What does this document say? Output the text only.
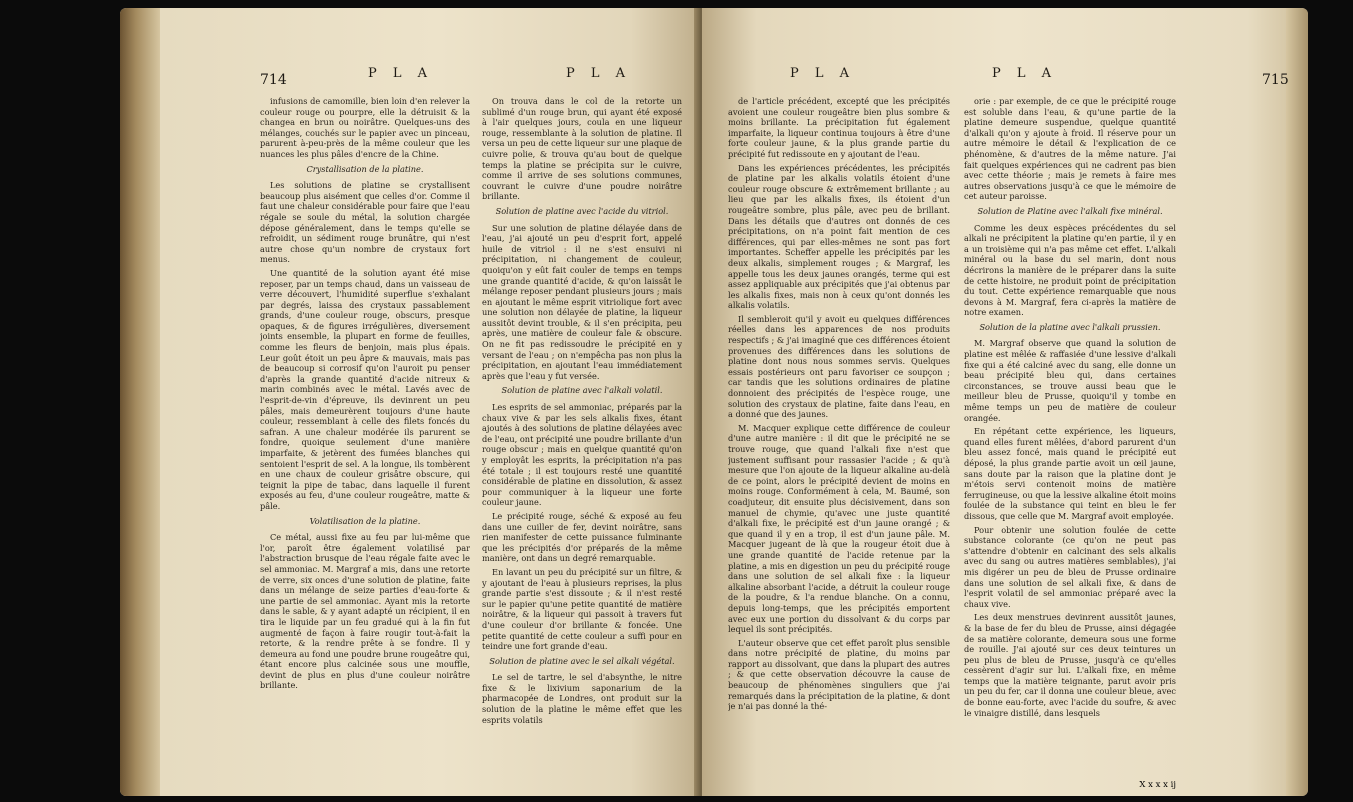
714	P L A	P L A

infusions de camomille, bien loin d'en relever la couleur rouge ou pourpre, elle la détruisit & la changea en brun ou noirâtre. Quelques-uns des mélanges, couchés sur le papier avec un pinceau, parurent à-peu-près de la même couleur que les nuances les plus pâles d'encre de la Chine.

Crystallisation de la platine.

Les solutions de platine se crystallisent beaucoup plus aisément que celles d'or. Comme il faut une chaleur considérable pour faire que l'eau régale se soule du métal, la solution chargée dépose généralement, dans le temps qu'elle se refroidit, un sédiment rouge brunâtre, qui n'est autre chose qu'un nombre de crystaux fort menus.

Une quantité de la solution ayant été mise reposer, par un temps chaud, dans un vaisseau de verre découvert, l'humidité superflue s'exhalant par degrés, laissa des crystaux passablement grands, d'une couleur rouge, obscurs, presque opaques, & de figures irrégulières, diversement joints ensemble, la plupart en forme de feuilles, comme les fleurs de benjoin, mais plus épais. Leur goût étoit un peu âpre & mauvais, mais pas de beaucoup si corrosif qu'on l'auroit pu penser d'après la grande quantité d'acide nitreux & marin combinés avec le métal. Lavés avec de l'esprit-de-vin d'épreuve, ils devinrent un peu pâles, mais demeurèrent toujours d'une haute couleur, ressemblant à celle des filets foncés du safran. A une chaleur modérée ils parurent se fondre, quoique seulement d'une manière imparfaite, & jetèrent des fumées blanches qui sentoient l'esprit de sel. A la longue, ils tombèrent en une chaux de couleur grisâtre obscure, qui teignit la pipe de tabac, dans laquelle il furent exposés au feu, d'une couleur rougeâtre, matte & pâle.

Volatilisation de la platine.

Ce métal, aussi fixe au feu par lui-même que l'or, paroît être également volatilisé par l'abstraction brusque de l'eau régale faite avec le sel ammoniac. M. Margraf a mis, dans une retorte de verre, six onces d'une solution de platine, faite dans un mélange de seize parties d'eau-forte & une partie de sel ammoniac. Ayant mis la retorte dans le sable, & y ayant adapté un récipient, il en tira le liquide par un feu gradué qui à la fin fut augmenté de façon à faire rougir tout-à-fait la retorte, & la rendre prête à se fondre. Il y demeura au fond une poudre brune rougeâtre qui, étant encore plus calcinée sous une mouffle, devint de plus en plus d'une couleur noirâtre brillante.

On trouva dans le col de la retorte un sublimé d'un rouge brun, qui ayant été exposé à l'air quelques jours, coula en une liqueur rouge, ressemblante à la solution de platine. Il versa un peu de cette liqueur sur une plaque de cuivre polie, & trouva qu'au bout de quelque temps la platine se précipita sur le cuivre, comme il arrive de ses solutions communes, couvrant le cuivre d'une poudre noirâtre brillante.

Solution de platine avec l'acide du vitriol.

Sur une solution de platine délayée dans de l'eau, j'ai ajouté un peu d'esprit fort, appelé huile de vitriol : il ne s'est ensuivi ni précipitation, ni changement de couleur, quoiqu'on y eût fait couler de temps en temps une grande quantité d'acide, & qu'on laissât le mélange reposer pendant plusieurs jours ; mais en ajoutant le même esprit vitriolique fort avec une solution non délayée de platine, la liqueur aussitôt devint trouble, & il s'en précipita, peu après, une matière de couleur fale & obscure. On ne fit pas redissoudre le précipité en y versant de l'eau ; on n'empêcha pas non plus la précipitation, en ajoutant l'eau immédiatement après que l'eau y fut versée.

Solution de platine avec l'alkali volatil.

Les esprits de sel ammoniac, préparés par la chaux vive & par les sels alkalis fixes, étant ajoutés à des solutions de platine délayées avec de l'eau, ont précipité une poudre brillante d'un rouge obscur ; mais en quelque quantité qu'on y employât les esprits, la précipitation n'a pas été totale ; il est toujours resté une quantité considérable de platine en dissolution, & assez pour communiquer à la liqueur une forte couleur jaune.

Le précipité rouge, séché & exposé au feu dans une cuiller de fer, devint noirâtre, sans rien manifester de cette puissance fulminante que les précipités d'or préparés de la même manière, ont dans un degré remarquable.

En lavant un peu du précipité sur un filtre, & y ajoutant de l'eau à plusieurs reprises, la plus grande partie s'est dissoute ; & il n'est resté sur le papier qu'une petite quantité de matière noirâtre, & la liqueur qui passoit à travers fut d'une couleur d'or brillante & foncée. Une petite quantité de cette couleur a suffi pour en teindre une fort grande d'eau.

Solution de platine avec le sel alkali végétal.

Le sel de tartre, le sel d'absynthe, le nitre fixe & le lixivium saponarium de la pharmacopée de Londres, ont produit sur la solution de la platine le même effet que les esprits volatils

P L A	P L A	715

de l'article précédent, excepté que les précipités avoient une couleur rougeâtre bien plus sombre & moins brillante. La précipitation fut également imparfaite, la liqueur continua toujours à être d'une forte couleur jaune, & la plus grande partie du précipité fut redissoute en y ajoutant de l'eau.

Dans les expériences précédentes, les précipités de platine par les alkalis volatils étoient d'une couleur rouge obscure & extrêmement brillante ; au lieu que par les alkalis fixes, ils étoient d'un rougeâtre sombre, plus pâle, avec peu de brillant. Dans les détails que d'autres ont donnés de ces précipitations, on n'a point fait mention de ces différences, qui par elles-mêmes ne sont pas fort importantes. Scheffer appelle les précipités par les deux alkalis, simplement rouges ; & Margraf, les appelle tous les deux jaunes orangés, terme qui est assez appliquable aux précipités que j'ai obtenus par les alkalis fixes, mais non à ceux qu'ont donnés les alkalis volatils.

Il sembleroit qu'il y avoit eu quelques différences réelles dans les apparences de nos produits respectifs ; & j'ai imaginé que ces différences étoient provenues des différences dans les solutions de platine dont nous nous sommes servis. Quelques essais postérieurs ont paru favoriser ce soupçon ; car tandis que les solutions ordinaires de platine donnoient des précipités de l'espèce rouge, une solution des crystaux de platine, faite dans l'eau, en a donné que des jaunes.

M. Macquer explique cette différence de couleur d'une autre manière : il dit que le précipité ne se trouve rouge, que quand l'alkali fixe n'est que justement suffisant pour rassasier l'acide ; & qu'à mesure que l'on ajoute de la liqueur alkaline au-delà de ce point, alors le précipité devient de moins en moins rouge. Conformément à cela, M. Baumé, son coadjuteur, dit ensuite plus décisivement, dans son manuel de chymie, qu'avec une juste quantité d'alkali fixe, le précipité est d'un jaune orangé ; & que quand il y en a trop, il est d'un jaune pâle. M. Macquer jugeant de là que la rougeur étoit due à une grande quantité de l'acide retenue par la platine, a mis en digestion un peu du précipité rouge dans une solution de sel alkali fixe : la liqueur alkaline absorbant l'acide, a détruit la couleur rouge de la poudre, & l'a rendue blanche. On a connu, depuis long-temps, que les précipités emportent avec eux une portion du dissolvant & du corps par lequel ils sont précipités.

L'auteur observe que cet effet paroît plus sensible dans notre précipité de platine, du moins par rapport au dissolvant, que dans la plupart des autres ; & que cette observation découvre la cause de beaucoup de phénomènes singuliers que j'ai remarqués dans la précipitation de la platine, & dont je n'ai pas donné la thé-

orie : par exemple, de ce que le précipité rouge est soluble dans l'eau, & qu'une partie de la platine demeure suspendue, quelque quantité d'alkali qu'on y ajoute à froid. Il réserve pour un autre mémoire le détail & l'explication de ce phénomène, & d'autres de la même nature. J'ai fait quelques expériences qui ne cadrent pas bien avec cette théorie ; mais je remets à faire mes autres observations jusqu'à ce que le mémoire de cet auteur paroisse.

Solution de Platine avec l'alkali fixe minéral.

Comme les deux espèces précédentes du sel alkali ne précipitent la platine qu'en partie, il y en a un troisième qui n'a pas même cet effet. L'alkali minéral ou la base du sel marin, dont nous décrirons la manière de le préparer dans la suite de cette histoire, ne produit point de précipitation du tout. Cette expérience remarquable que nous devons à M. Margraf, fera ci-après la matière de notre examen.

Solution de la platine avec l'alkali prussien.

M. Margraf observe que quand la solution de platine est mêlée & raffasiée d'une lessive d'alkali fixe qui a été calciné avec du sang, elle donne un beau précipité bleu qui, dans certaines circonstances, se trouve aussi beau que le meilleur bleu de Prusse, quoiqu'il y tombe en même temps un peu de matière de couleur orangée.

En répétant cette expérience, les liqueurs, quand elles furent mêlées, d'abord parurent d'un bleu assez foncé, mais quand le précipité eut déposé, la plus grande partie avoit un œil jaune, sans doute par la raison que la platine dont je m'étois servi contenoit moins de matière ferrugineuse, ou que la lessive alkaline étoit moins foulée de la substance qui teint en bleu le fer dissous, que celle que M. Margraf avoit employée.

Pour obtenir une solution foulée de cette substance colorante (ce qu'on ne peut pas s'attendre d'obtenir en calcinant des sels alkalis avec du sang ou autres matières semblables), j'ai mis digérer un peu de bleu de Prusse ordinaire dans une solution de sel alkali fixe, & dans de l'esprit volatil de sel ammoniac préparé avec la chaux vive.

Les deux menstrues devinrent aussitôt jaunes, & la base de fer du bleu de Prusse, ainsi dégagée de sa matière colorante, demeura sous une forme de rouille. J'ai ajouté sur ces deux teintures un peu plus de bleu de Prusse, jusqu'à ce qu'elles cessèrent d'agir sur lui. L'alkali fixe, en même temps que la matière teignante, parut avoir pris un peu du fer, car il donna une couleur bleue, avec de bonne eau-forte, avec l'acide du soufre, & avec le vinaigre distillé, dans lesquels

X x x x ij
